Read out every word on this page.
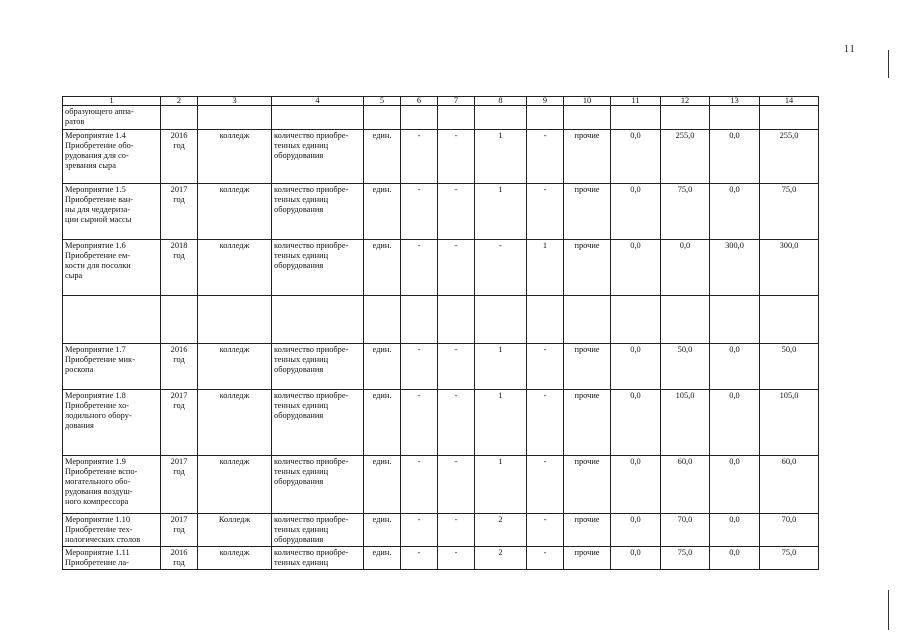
11
1	2	3	4	5	6	7	8	9	10	11	12	13	14
образующего аппа-
ратов													
Мероприятие 1.4
Приобретение обо-
рудования для со-
зревания сыра	2016
год	колледж	количество приобре-
тенных единиц
оборудования	един.	-	-	1	-	прочие	0,0	255,0	0,0	255,0
Мероприятие 1.5
Приобретение ван-
ны для чеддеризa-
ции сырной массы	2017
год	колледж	количество приобре-
тенных единиц
оборудования	един.	-	-	1	-	прочие	0,0	75,0	0,0	75,0
Мероприятие 1.6
Приобретение ем-
кости для посолки
сыра	2018
год	колледж	количество приобре-
тенных единиц
оборудования	един.	-	-	-	1	прочие	0,0	0,0	300,0	300,0

Мероприятие 1.7
Приобретение мик-
роскопа	2016
год	колледж	количество приобре-
тенных единиц
оборудования	един.	-	-	1	-	прочие	0,0	50,0	0,0	50,0
Мероприятие 1.8
Приобретение хо-
лодильного обору-
дования	2017
год	колледж	количество приобре-
тенных единиц
оборудования	един.	-	-	1	-	прочие	0,0	105,0	0,0	105,0
Мероприятие 1.9
Приобретение вспо-
могательного обо-
рудования воздуш-
ного компрессора	2017
год	колледж	количество приобре-
тенных единиц
оборудования	един.	-	-	1	-	прочие	0,0	60,0	0,0	60,0
Мероприятие 1.10
Приобретение тех-
нологических столов	2017
год	Колледж	количество приобре-
тенных единиц
оборудования	един.	-	-	2	-	прочие	0,0	70,0	0,0	70,0
Мероприятие 1.11
Приобретение ла-	2016
год	колледж	количество приобре-
тенных единиц	един.	-	-	2	-	прочие	0,0	75,0	0,0	75,0
